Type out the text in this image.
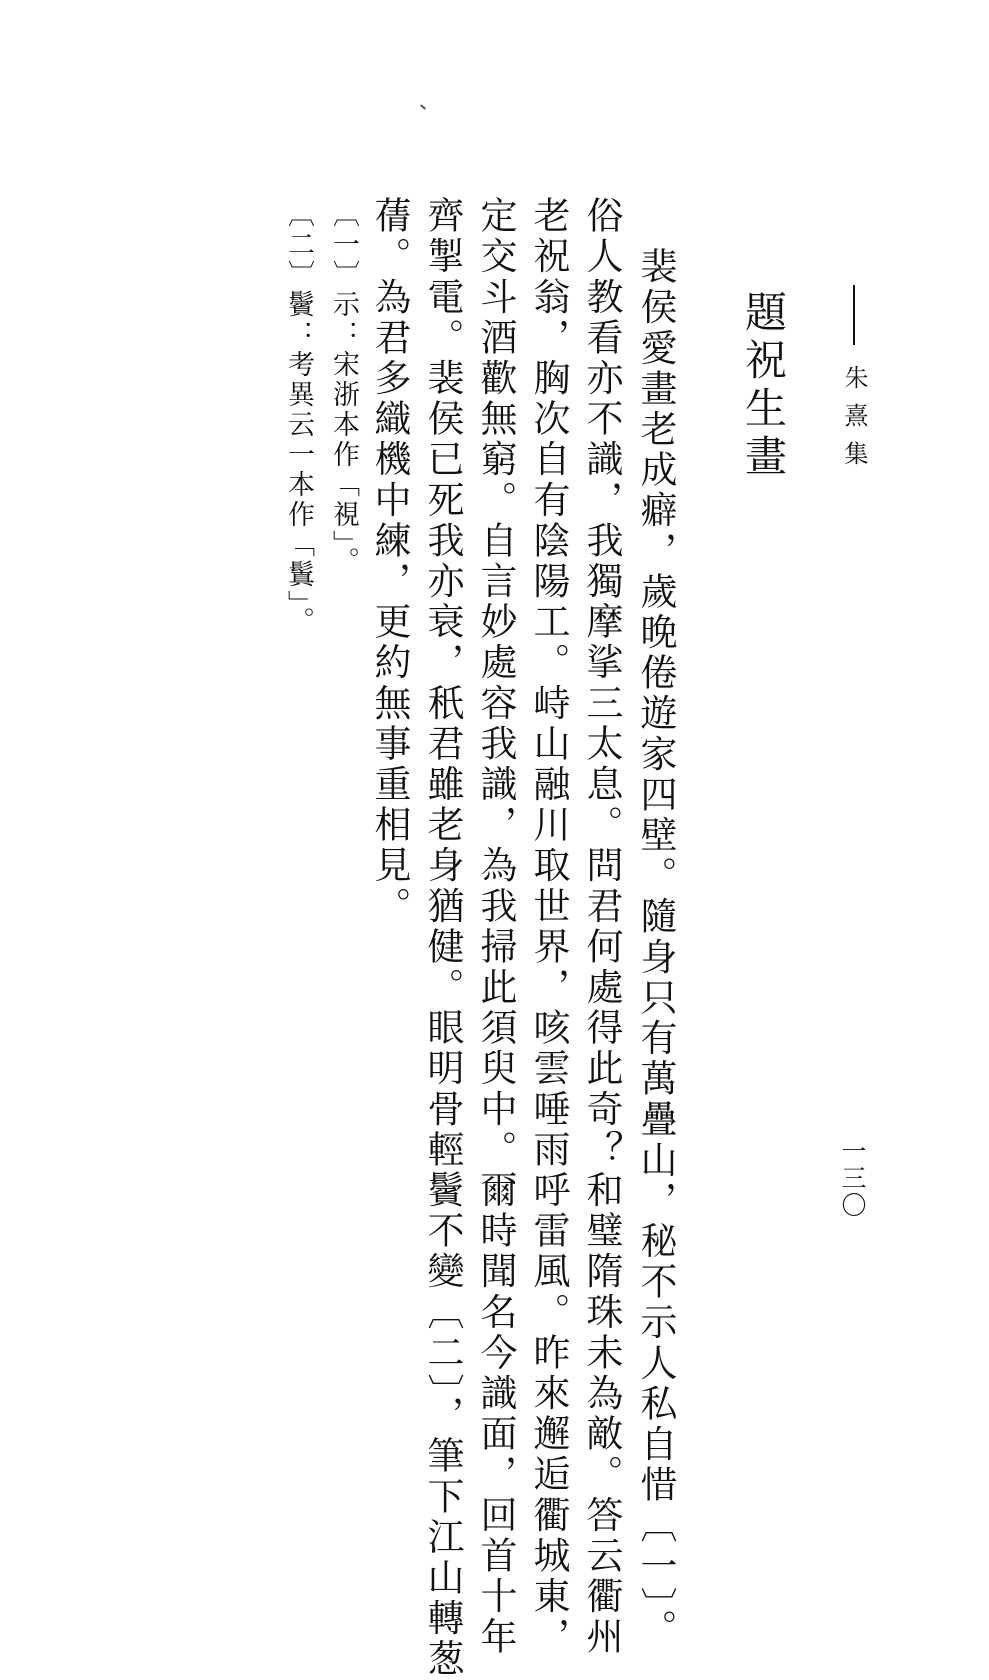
朱熹集
一三〇
題祝生畫
裴侯愛畫老成癖，歲晚倦遊家四壁。隨身只有萬疊山，秘不示人私自惜〔一〕。
俗人教看亦不識，我獨摩挲三太息。問君何處得此奇？和璧隋珠未為敵。答云衢州
老祝翁，胸次自有陰陽工。峙山融川取世界，咳雲唾雨呼雷風。昨來邂逅衢城東，
定交斗酒歡無窮。自言妙處容我識，為我掃此須臾中。爾時聞名今識面，回首十年
齊掣電。裴侯已死我亦衰，秖君雖老身猶健。眼明骨輕鬢不變〔二〕，筆下江山轉葱
蒨。為君多織機中練，更約無事重相見。
〔一〕示：宋浙本作「視」。
〔二〕鬢：考異云一本作「鬒」。
